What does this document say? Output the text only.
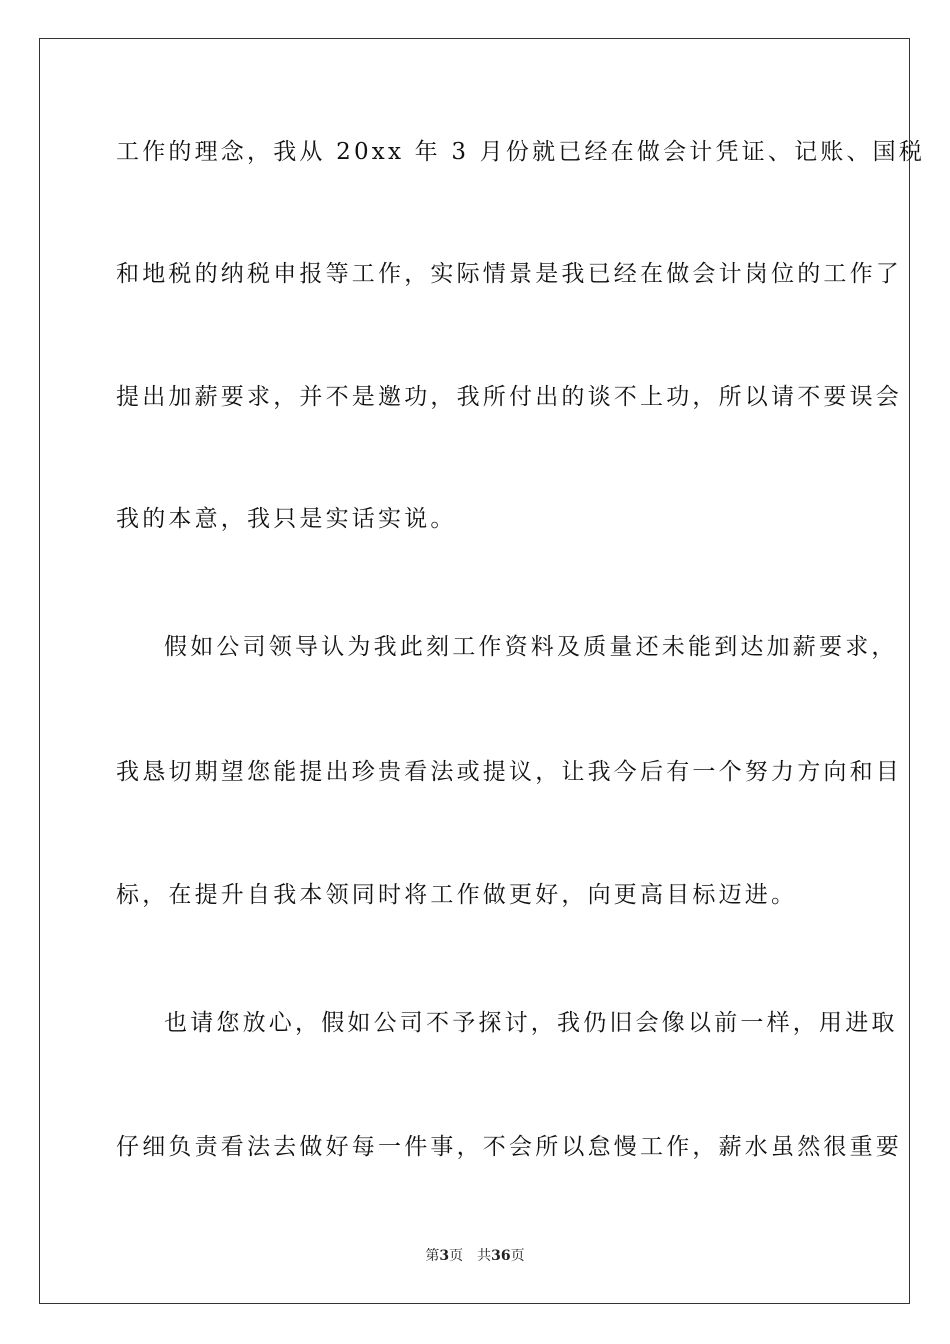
工作的理念，我从 20xx 年 3 月份就已经在做会计凭证、记账、国税
和地税的纳税申报等工作，实际情景是我已经在做会计岗位的工作了
提出加薪要求，并不是邀功，我所付出的谈不上功，所以请不要误会
我的本意，我只是实话实说。
假如公司领导认为我此刻工作资料及质量还未能到达加薪要求，
我恳切期望您能提出珍贵看法或提议，让我今后有一个努力方向和目
标，在提升自我本领同时将工作做更好，向更高目标迈进。
也请您放心，假如公司不予探讨，我仍旧会像以前一样，用进取
仔细负责看法去做好每一件事，不会所以怠慢工作，薪水虽然很重要
第3页 共36页
